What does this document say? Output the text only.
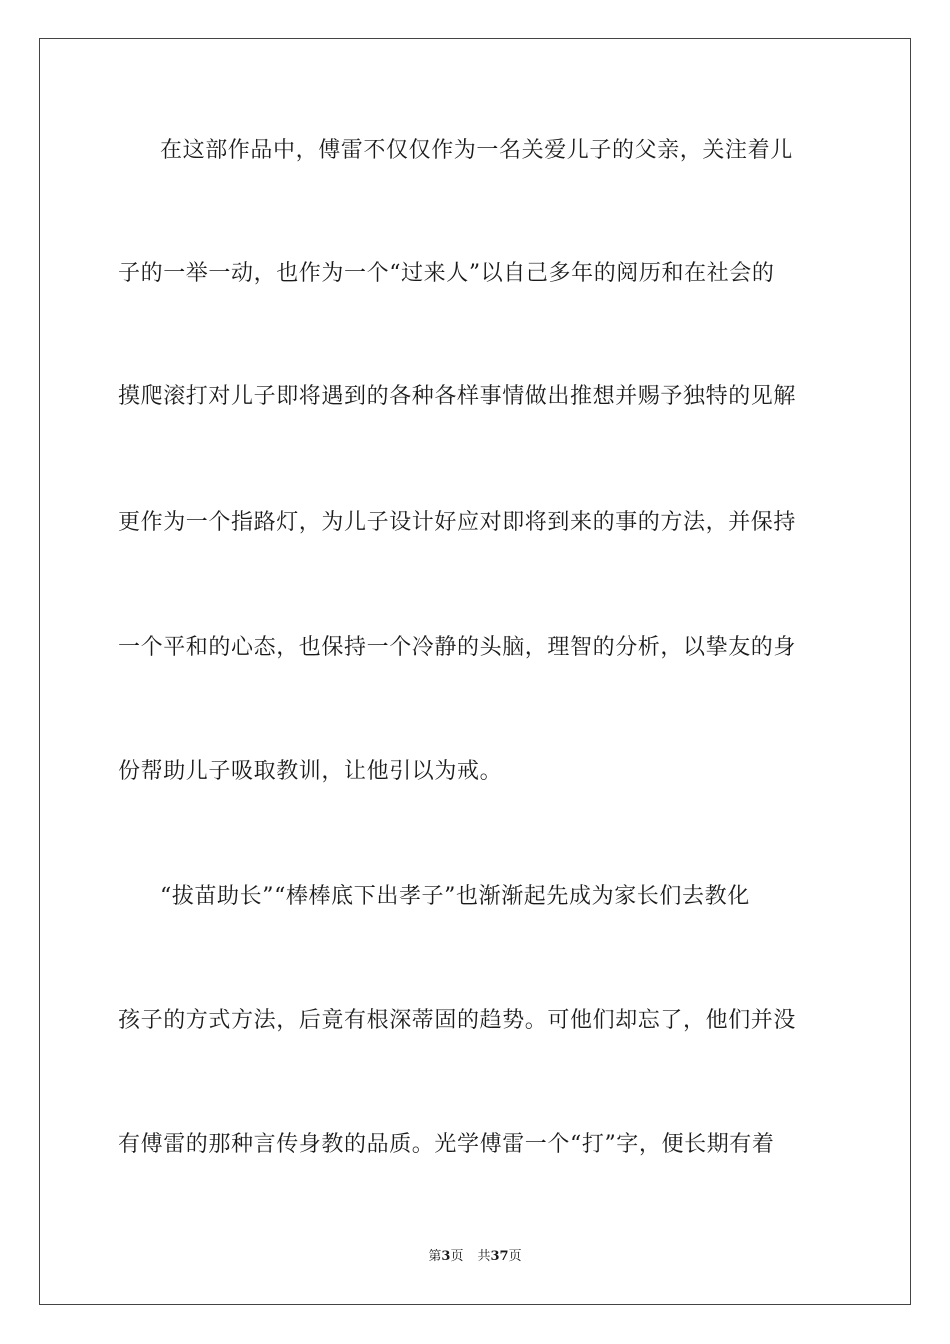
在这部作品中，傅雷不仅仅作为一名关爱儿子的父亲，关注着儿
子的一举一动，也作为一个“过来人”以自己多年的阅历和在社会的
摸爬滚打对儿子即将遇到的各种各样事情做出推想并赐予独特的见解
更作为一个指路灯，为儿子设计好应对即将到来的事的方法，并保持
一个平和的心态，也保持一个冷静的头脑，理智的分析，以挚友的身
份帮助儿子吸取教训，让他引以为戒。
“拔苗助长”“棒棒底下出孝子”也渐渐起先成为家长们去教化
孩子的方式方法，后竟有根深蒂固的趋势。可他们却忘了，他们并没
有傅雷的那种言传身教的品质。光学傅雷一个“打”字，便长期有着
第3页 共37页
